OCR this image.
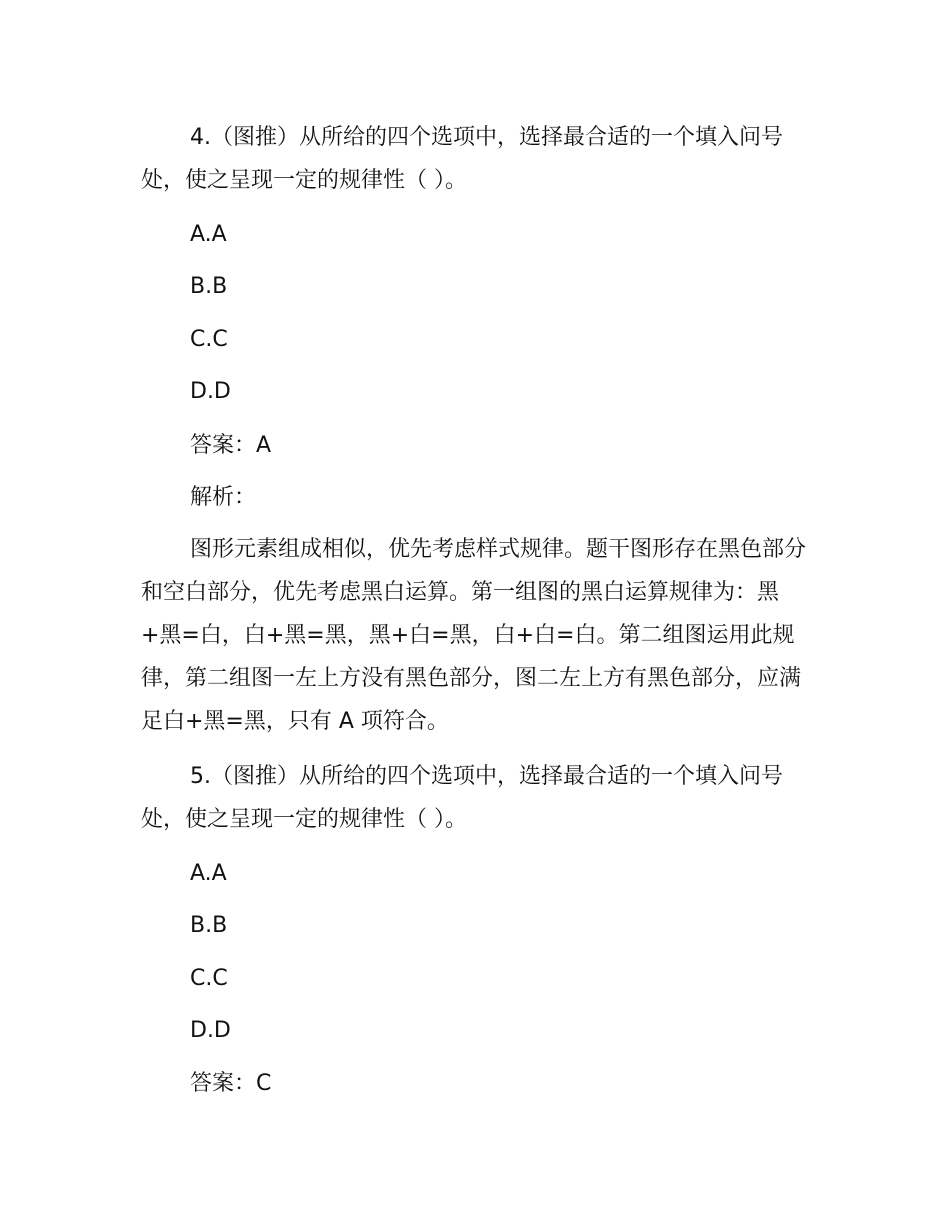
4.（图推）从所给的四个选项中，选择最合适的一个填入问号处，使之呈现一定的规律性（ ）。

A.A

B.B

C.C

D.D

答案：A

解析：

图形元素组成相似，优先考虑样式规律。题干图形存在黑色部分和空白部分，优先考虑黑白运算。第一组图的黑白运算规律为：黑+黑=白，白+黑=黑，黑+白=黑，白+白=白。第二组图运用此规律，第二组图一左上方没有黑色部分，图二左上方有黑色部分，应满足白+黑=黑，只有 A 项符合。

5.（图推）从所给的四个选项中，选择最合适的一个填入问号处，使之呈现一定的规律性（ ）。

A.A

B.B

C.C

D.D

答案：C
